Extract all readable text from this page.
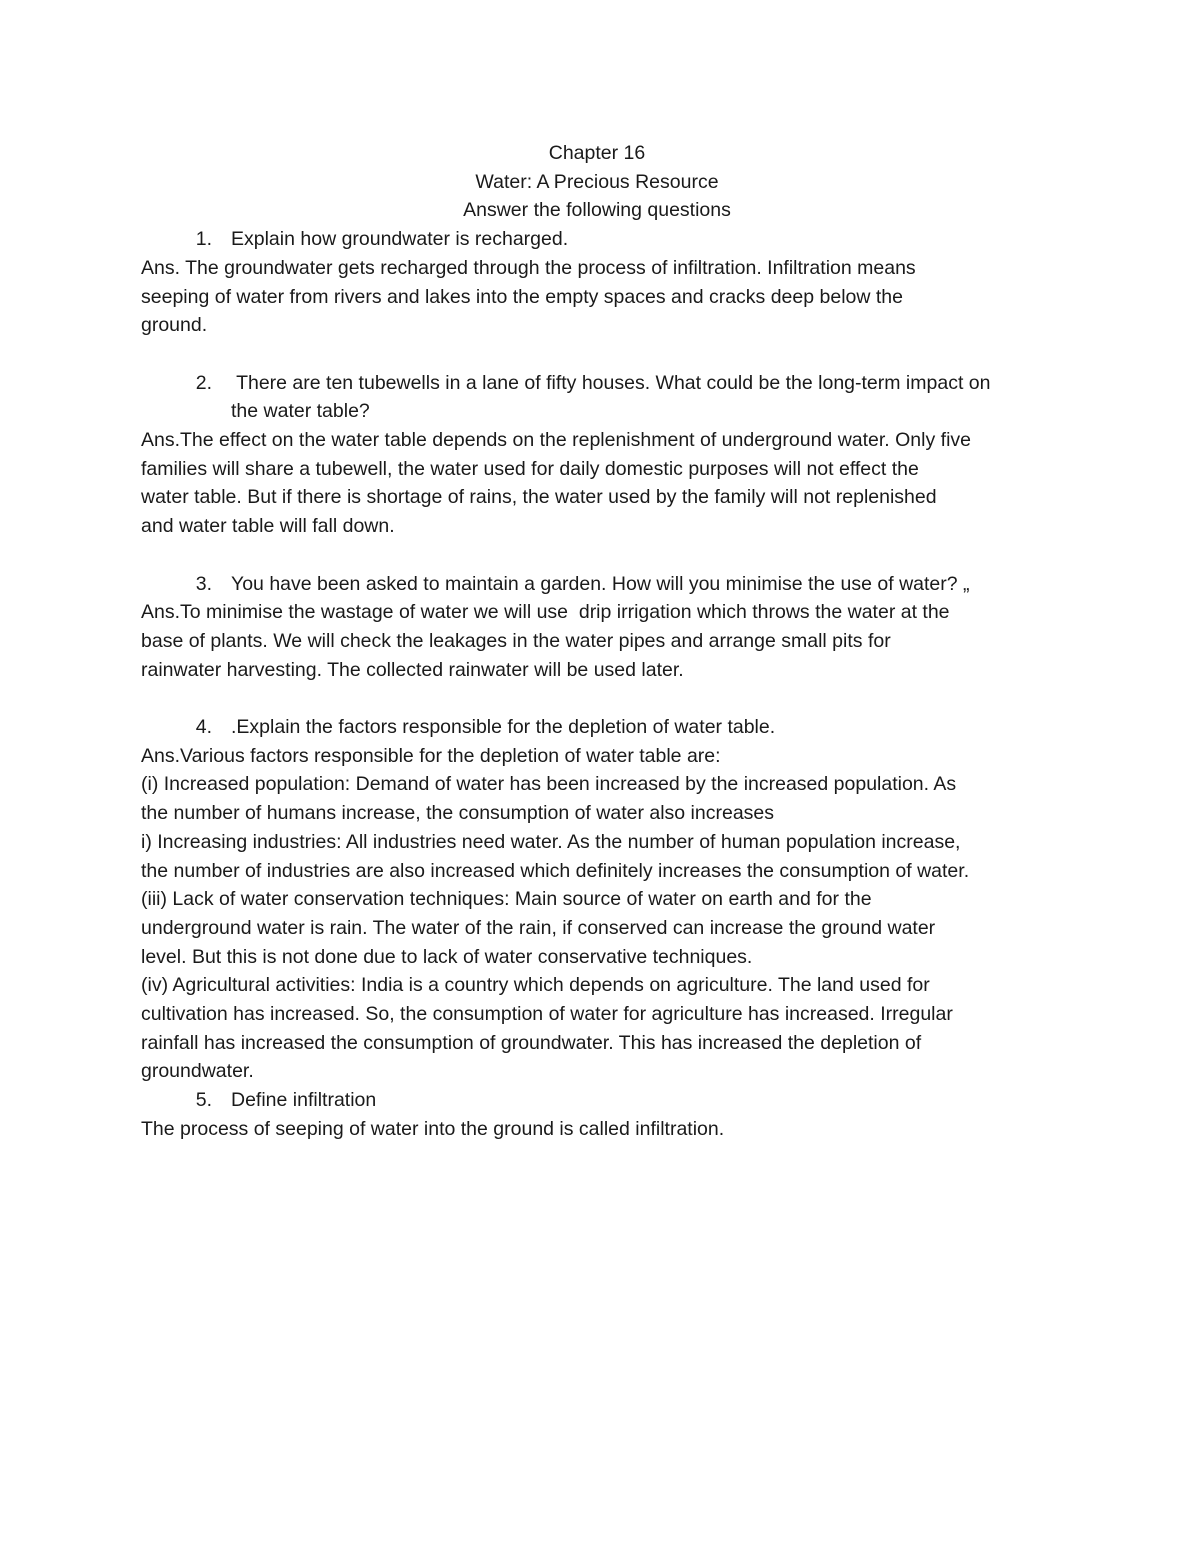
Chapter 16
Water: A Precious Resource
Answer the following questions
1. Explain how groundwater is recharged.
Ans. The groundwater gets recharged through the process of infiltration. Infiltration means
seeping of water from rivers and lakes into the empty spaces and cracks deep below the
ground.
2. There are ten tubewells in a lane of fifty houses. What could be the long-term impact on
the water table?
Ans.The effect on the water table depends on the replenishment of underground water. Only five
families will share a tubewell, the water used for daily domestic purposes will not effect the
water table. But if there is shortage of rains, the water used by the family will not replenished
and water table will fall down.
3. You have been asked to maintain a garden. How will you minimise the use of water? „
Ans.To minimise the wastage of water we will use  drip irrigation which throws the water at the
base of plants. We will check the leakages in the water pipes and arrange small pits for
rainwater harvesting. The collected rainwater will be used later.
4. .Explain the factors responsible for the depletion of water table.
Ans.Various factors responsible for the depletion of water table are:
(i) Increased population: Demand of water has been increased by the increased population. As
the number of humans increase, the consumption of water also increases
i) Increasing industries: All industries need water. As the number of human population increase,
the number of industries are also increased which definitely increases the consumption of water.
(iii) Lack of water conservation techniques: Main source of water on earth and for the
underground water is rain. The water of the rain, if conserved can increase the ground water
level. But this is not done due to lack of water conservative techniques.
(iv) Agricultural activities: India is a country which depends on agriculture. The land used for
cultivation has increased. So, the consumption of water for agriculture has increased. Irregular
rainfall has increased the consumption of groundwater. This has increased the depletion of
groundwater.
5. Define infiltration
The process of seeping of water into the ground is called infiltration.
